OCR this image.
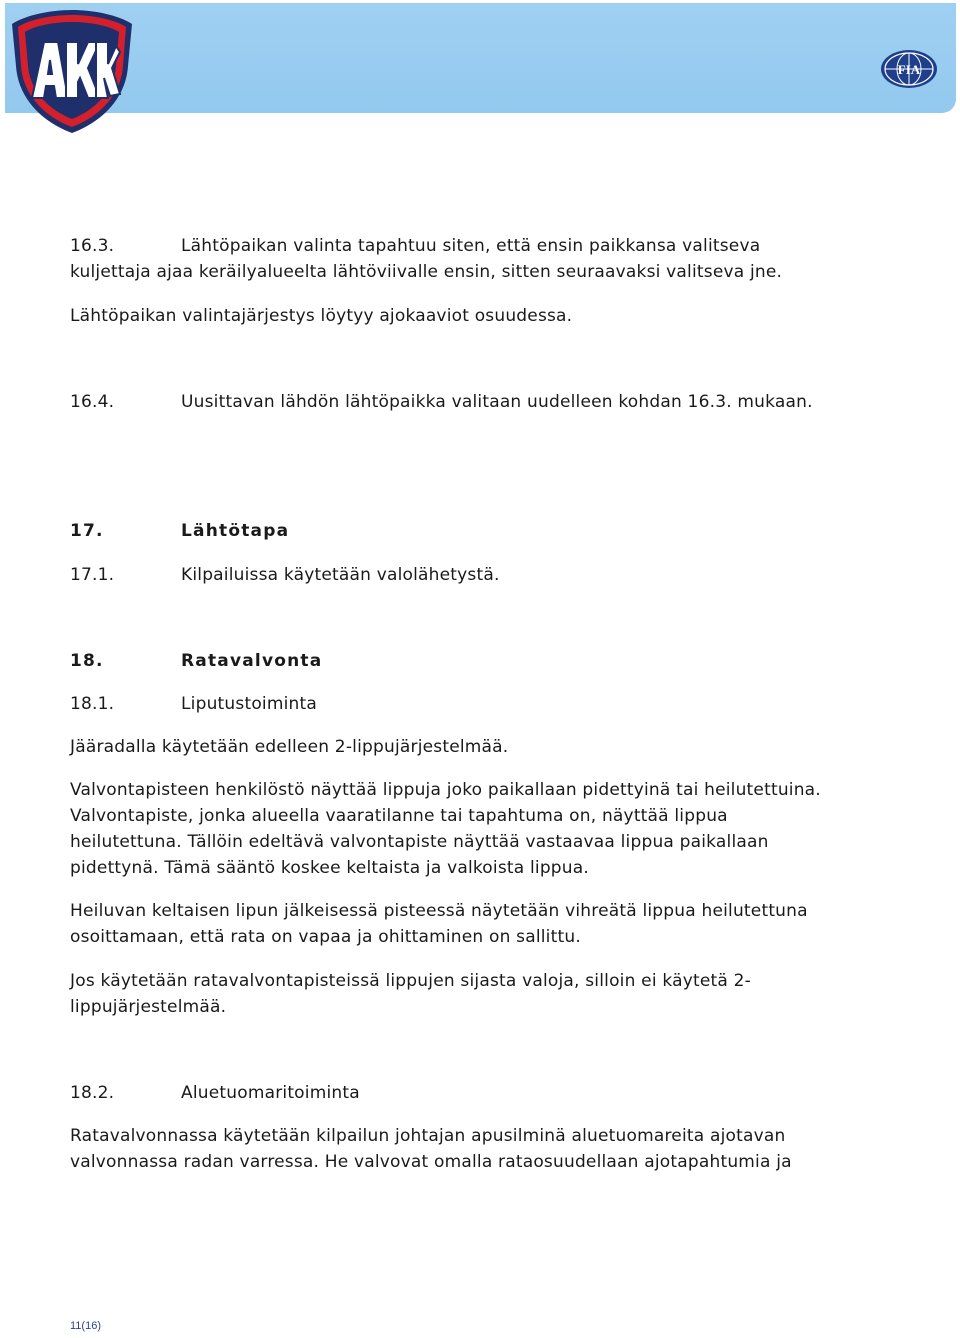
FIA
16.3.	Lähtöpaikan valinta tapahtuu siten, että ensin paikkansa valitseva
kuljettaja ajaa keräilyalueelta lähtöviivalle ensin, sitten seuraavaksi valitseva jne.
Lähtöpaikan valintajärjestys löytyy ajokaaviot osuudessa.
16.4.	Uusittavan lähdön lähtöpaikka valitaan uudelleen kohdan 16.3. mukaan.
17.	Lähtötapa
17.1.	Kilpailuissa käytetään valolähetystä.
18.	Ratavalvonta
18.1.	Liputustoiminta
Jääradalla käytetään edelleen 2-lippujärjestelmää.
Valvontapisteen henkilöstö näyttää lippuja joko paikallaan pidettyinä tai heilutettuina.
Valvontapiste, jonka alueella vaaratilanne tai tapahtuma on, näyttää lippua
heilutettuna. Tällöin edeltävä valvontapiste näyttää vastaavaa lippua paikallaan
pidettynä. Tämä sääntö koskee keltaista ja valkoista lippua.
Heiluvan keltaisen lipun jälkeisessä pisteessä näytetään vihreätä lippua heilutettuna
osoittamaan, että rata on vapaa ja ohittaminen on sallittu.
Jos käytetään ratavalvontapisteissä lippujen sijasta valoja, silloin ei käytetä 2-
lippujärjestelmää.
18.2.	Aluetuomaritoiminta
Ratavalvonnassa käytetään kilpailun johtajan apusilminä aluetuomareita ajotavan
valvonnassa radan varressa. He valvovat omalla rataosuudellaan ajotapahtumia ja
11(16)
